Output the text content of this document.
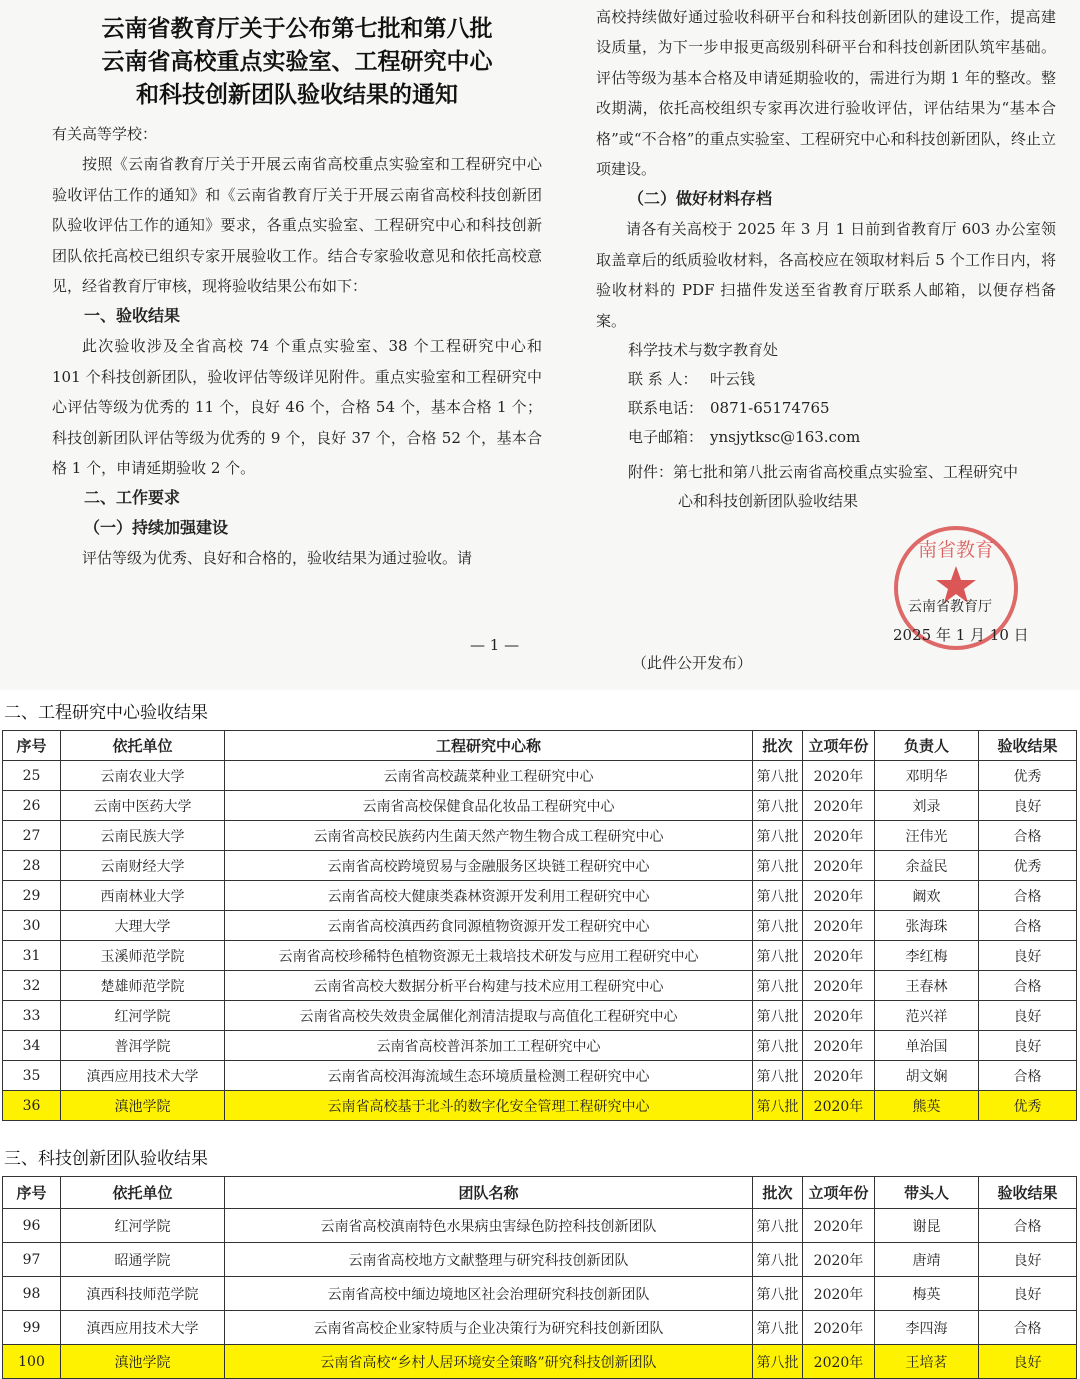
云南省教育厅关于公布第七批和第八批
云南省高校重点实验室、工程研究中心
和科技创新团队验收结果的通知

有关高等学校：

按照《云南省教育厅关于开展云南省高校重点实验室和工程研究中心验收评估工作的通知》和《云南省教育厅关于开展云南省高校科技创新团队验收评估工作的通知》要求，各重点实验室、工程研究中心和科技创新团队依托高校已组织专家开展验收工作。结合专家验收意见和依托高校意见，经省教育厅审核，现将验收结果公布如下：

一、验收结果

此次验收涉及全省高校 74 个重点实验室、38 个工程研究中心和 101 个科技创新团队，验收评估等级详见附件。重点实验室和工程研究中心评估等级为优秀的 11 个，良好 46 个，合格 54 个，基本合格 1 个；科技创新团队评估等级为优秀的 9 个，良好 37 个，合格 52 个，基本合格 1 个，申请延期验收 2 个。

二、工作要求

（一）持续加强建设

评估等级为优秀、良好和合格的，验收结果为通过验收。请

— 1 —

高校持续做好通过验收科研平台和科技创新团队的建设工作，提高建设质量，为下一步申报更高级别科研平台和科技创新团队筑牢基础。评估等级为基本合格及申请延期验收的，需进行为期 1 年的整改。整改期满，依托高校组织专家再次进行验收评估，评估结果为“基本合格”或“不合格”的重点实验室、工程研究中心和科技创新团队，终止立项建设。

（二）做好材料存档

请各有关高校于 2025 年 3 月 1 日前到省教育厅 603 办公室领取盖章后的纸质验收材料，各高校应在领取材料后 5 个工作日内，将验收材料的 PDF 扫描件发送至省教育厅联系人邮箱，以便存档备案。

科学技术与数字教育处
联 系 人： 叶云钱
联系电话： 0871-65174765
电子邮箱： ynsjytksc@163.com
附件：第七批和第八批云南省高校重点实验室、工程研究中
心和科技创新团队验收结果
南省教育
云南省教育厅
2025 年 1 月 10 日
（此件公开发布）
二、工程研究中心验收结果
序号	依托单位	工程研究中心称	批次	立项年份	负责人	验收结果
25	云南农业大学	云南省高校蔬菜种业工程研究中心	第八批	2020年	邓明华	优秀
26	云南中医药大学	云南省高校保健食品化妆品工程研究中心	第八批	2020年	刘录	良好
27	云南民族大学	云南省高校民族药内生菌天然产物生物合成工程研究中心	第八批	2020年	汪伟光	合格
28	云南财经大学	云南省高校跨境贸易与金融服务区块链工程研究中心	第八批	2020年	余益民	优秀
29	西南林业大学	云南省高校大健康类森林资源开发利用工程研究中心	第八批	2020年	阚欢	合格
30	大理大学	云南省高校滇西药食同源植物资源开发工程研究中心	第八批	2020年	张海珠	合格
31	玉溪师范学院	云南省高校珍稀特色植物资源无土栽培技术研发与应用工程研究中心	第八批	2020年	李红梅	良好
32	楚雄师范学院	云南省高校大数据分析平台构建与技术应用工程研究中心	第八批	2020年	王春林	合格
33	红河学院	云南省高校失效贵金属催化剂清洁提取与高值化工程研究中心	第八批	2020年	范兴祥	良好
34	普洱学院	云南省高校普洱茶加工工程研究中心	第八批	2020年	单治国	良好
35	滇西应用技术大学	云南省高校洱海流域生态环境质量检测工程研究中心	第八批	2020年	胡文娴	合格
36	滇池学院	云南省高校基于北斗的数字化安全管理工程研究中心	第八批	2020年	熊英	优秀
三、科技创新团队验收结果
序号	依托单位	团队名称	批次	立项年份	带头人	验收结果
96	红河学院	云南省高校滇南特色水果病虫害绿色防控科技创新团队	第八批	2020年	谢昆	合格
97	昭通学院	云南省高校地方文献整理与研究科技创新团队	第八批	2020年	唐靖	良好
98	滇西科技师范学院	云南省高校中缅边境地区社会治理研究科技创新团队	第八批	2020年	梅英	良好
99	滇西应用技术大学	云南省高校企业家特质与企业决策行为研究科技创新团队	第八批	2020年	李四海	合格
100	滇池学院	云南省高校“乡村人居环境安全策略”研究科技创新团队	第八批	2020年	王培茗	良好
